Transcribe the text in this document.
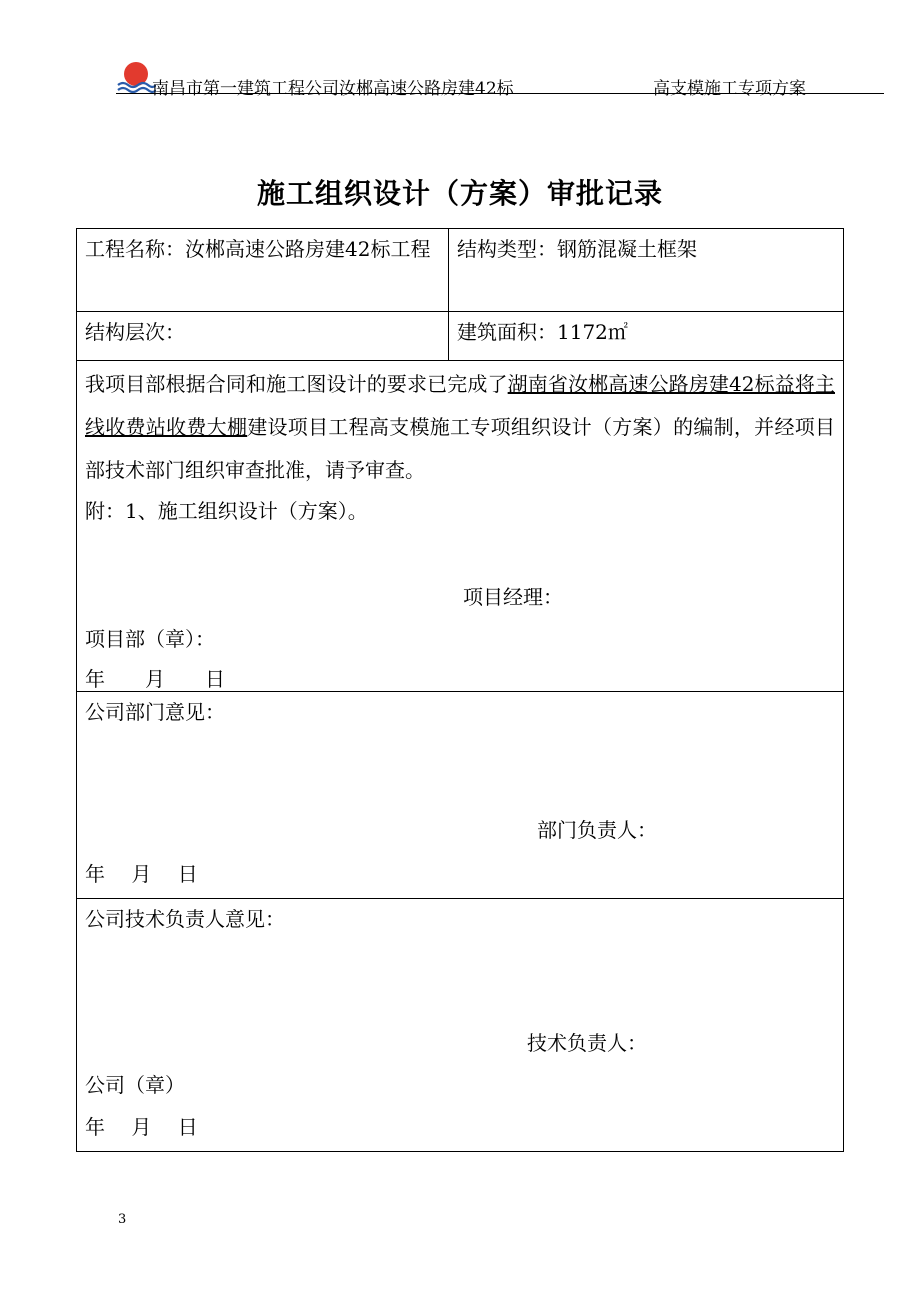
南昌市第一建筑工程公司汝郴高速公路房建42标	高支模施工专项方案
施工组织设计（方案）审批记录
工程名称：汝郴高速公路房建42标工程	结构类型：钢筋混凝土框架
结构层次：	建筑面积：1172㎡

我项目部根据合同和施工图设计的要求已完成了湖南省汝郴高速公路房建42标益将主线收费站收费大棚建设项目工程高支模施工专项组织设计（方案）的编制，并经项目部技术部门组织审查批准，请予审查。
附：1、施工组织设计（方案）。
项目经理：
项目部（章）：
年　　月　　日	

公司部门意见：
部门负责人：
年　 月　 日	

公司技术负责人意见：
技术负责人：
公司（章）
年　 月　 日	
3
